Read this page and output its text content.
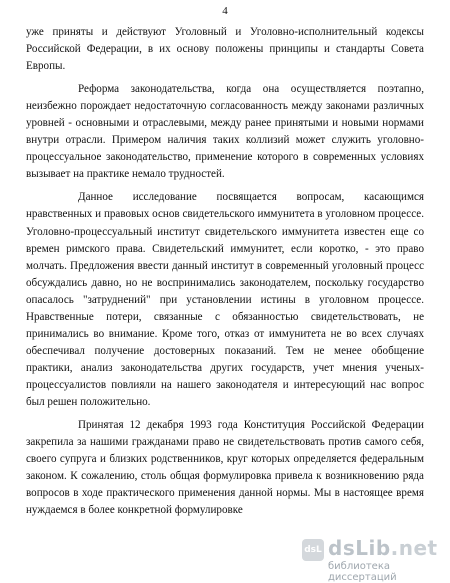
4

уже приняты и действуют Уголовный и Уголовно-исполнительный кодексы Российской Федерации, в их основу положены принципы и стандарты Совета Европы.

Реформа законодательства, когда она осуществляется поэтапно, неизбежно порождает недостаточную согласованность между законами различных уровней - основными и отраслевыми, между ранее принятыми и новыми нормами внутри отрасли. Примером наличия таких коллизий может служить уголовно-процессуальное законодательство, применение которого в современных условиях вызывает на практике немало трудностей.

Данное исследование посвящается вопросам, касающимся нравственных и правовых основ свидетельского иммунитета в уголовном процессе. Уголовно-процессуальный институт свидетельского иммунитета известен еще со времен римского права. Свидетельский иммунитет, если коротко, - это право молчать. Предложения ввести данный институт в современный уголовный процесс обсуждались давно, но не воспринимались законодателем, поскольку государство опасалось "затруднений" при установлении истины в уголовном процессе. Нравственные потери, связанные с обязанностью свидетельствовать, не принимались во внимание. Кроме того, отказ от иммунитета не во всех случаях обеспечивал получение достоверных показаний. Тем не менее обобщение практики, анализ законодательства других государств, учет мнения ученых-процессуалистов повлияли на нашего законодателя и интересующий нас вопрос был решен положительно.

Принятая 12 декабря 1993 года Конституция Российской Федерации закрепила за нашими гражданами право не свидетельствовать против самого себя, своего супруга и близких родственников, круг которых определяется федеральным законом. К сожалению, столь общая формулировка привела к возникновению ряда вопросов в ходе практического применения данной нормы. Мы в настоящее время нуждаемся в более конкретной формулировке

dsL dsLib.net
библиотека диссертаций
